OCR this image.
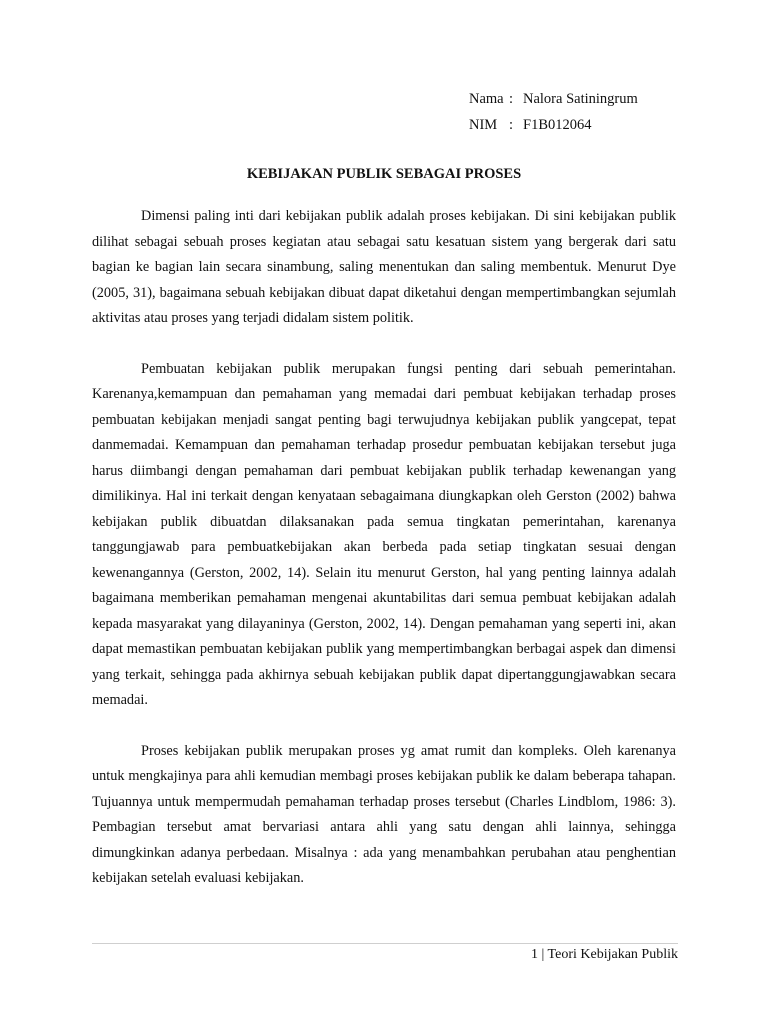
Nama : Nalora Satiningrum
NIM : F1B012064
KEBIJAKAN PUBLIK SEBAGAI PROSES

Dimensi paling inti dari kebijakan publik adalah proses kebijakan. Di sini kebijakan publik dilihat sebagai sebuah proses kegiatan atau sebagai satu kesatuan sistem yang bergerak dari satu bagian ke bagian lain secara sinambung, saling menentukan dan saling membentuk. Menurut Dye (2005, 31), bagaimana sebuah kebijakan dibuat dapat diketahui dengan mempertimbangkan sejumlah aktivitas atau proses yang terjadi didalam sistem politik.

Pembuatan kebijakan publik merupakan fungsi penting dari sebuah pemerintahan. Karenanya,kemampuan dan pemahaman yang memadai dari pembuat kebijakan terhadap proses pembuatan kebijakan menjadi sangat penting bagi terwujudnya kebijakan publik yangcepat, tepat danmemadai. Kemampuan dan pemahaman terhadap prosedur pembuatan kebijakan tersebut juga harus diimbangi dengan pemahaman dari pembuat kebijakan publik terhadap kewenangan yang dimilikinya. Hal ini terkait dengan kenyataan sebagaimana diungkapkan oleh Gerston (2002) bahwa kebijakan publik dibuatdan dilaksanakan pada semua tingkatan pemerintahan, karenanya tanggungjawab para pembuatkebijakan akan berbeda pada setiap tingkatan sesuai dengan kewenangannya (Gerston, 2002, 14). Selain itu menurut Gerston, hal yang penting lainnya adalah bagaimana memberikan pemahaman mengenai akuntabilitas dari semua pembuat kebijakan adalah kepada masyarakat yang dilayaninya (Gerston, 2002, 14). Dengan pemahaman yang seperti ini, akan dapat memastikan pembuatan kebijakan publik yang mempertimbangkan berbagai aspek dan dimensi yang terkait, sehingga pada akhirnya sebuah kebijakan publik dapat dipertanggungjawabkan secara memadai.

Proses kebijakan publik merupakan proses yg amat rumit dan kompleks. Oleh karenanya untuk mengkajinya para ahli kemudian membagi proses kebijakan publik ke dalam beberapa tahapan. Tujuannya untuk mempermudah pemahaman terhadap proses tersebut (Charles Lindblom, 1986: 3). Pembagian tersebut amat bervariasi antara ahli yang satu dengan ahli lainnya, sehingga dimungkinkan adanya perbedaan. Misalnya : ada yang menambahkan perubahan atau penghentian kebijakan setelah evaluasi kebijakan.

1 | Teori Kebijakan Publik
